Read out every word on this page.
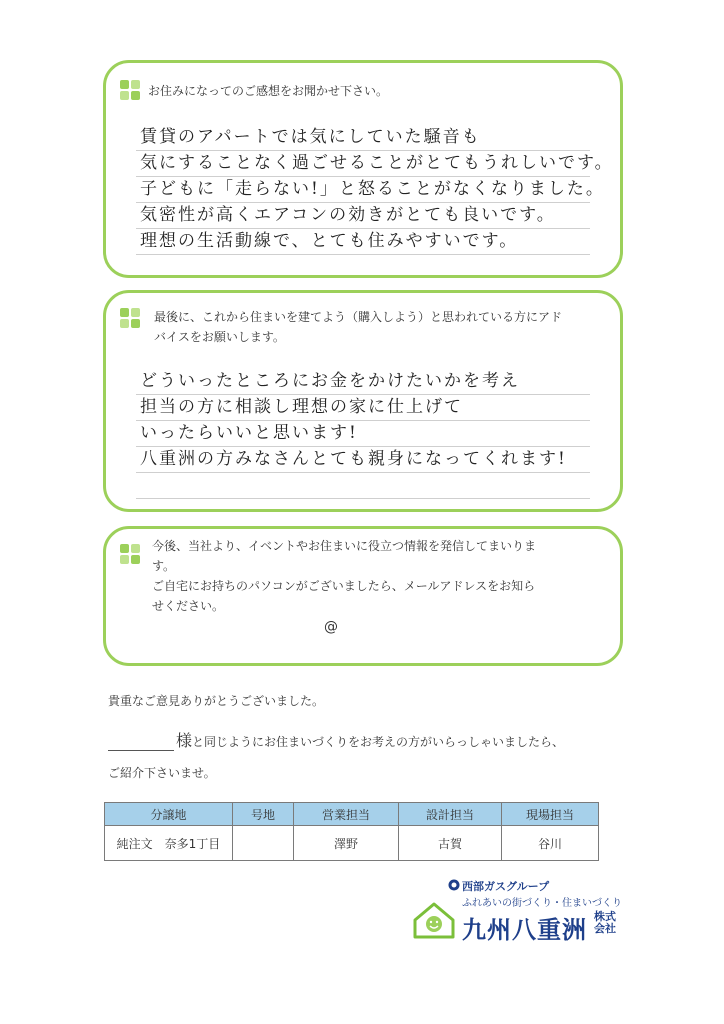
お住みになってのご感想をお聞かせ下さい。
賃貸のアパートでは気にしていた騒音も
気にすることなく過ごせることがとてもうれしいです。
子どもに「走らない!」と怒ることがなくなりました。
気密性が高くエアコンの効きがとても良いです。
理想の生活動線で、とても住みやすいです。
最後に、これから住まいを建てよう（購入しよう）と思われている方にアド
バイスをお願いします。
どういったところにお金をかけたいかを考え
担当の方に相談し理想の家に仕上げて
いったらいいと思います!
八重洲の方みなさんとても親身になってくれます!
今後、当社より、イベントやお住まいに役立つ情報を発信してまいりま
す。
ご自宅にお持ちのパソコンがございましたら、メールアドレスをお知ら
せください。
@
貴重なご意見ありがとうございました。
様と同じようにお住まいづくりをお考えの方がいらっしゃいましたら、
ご紹介下さいませ。
分譲地	号地	営業担当	設計担当	現場担当
純注文　奈多1丁目		澤野	古賀	谷川
西部ガスグループ
ふれあいの街づくり・住まいづくり
九州八重洲 株式会社
